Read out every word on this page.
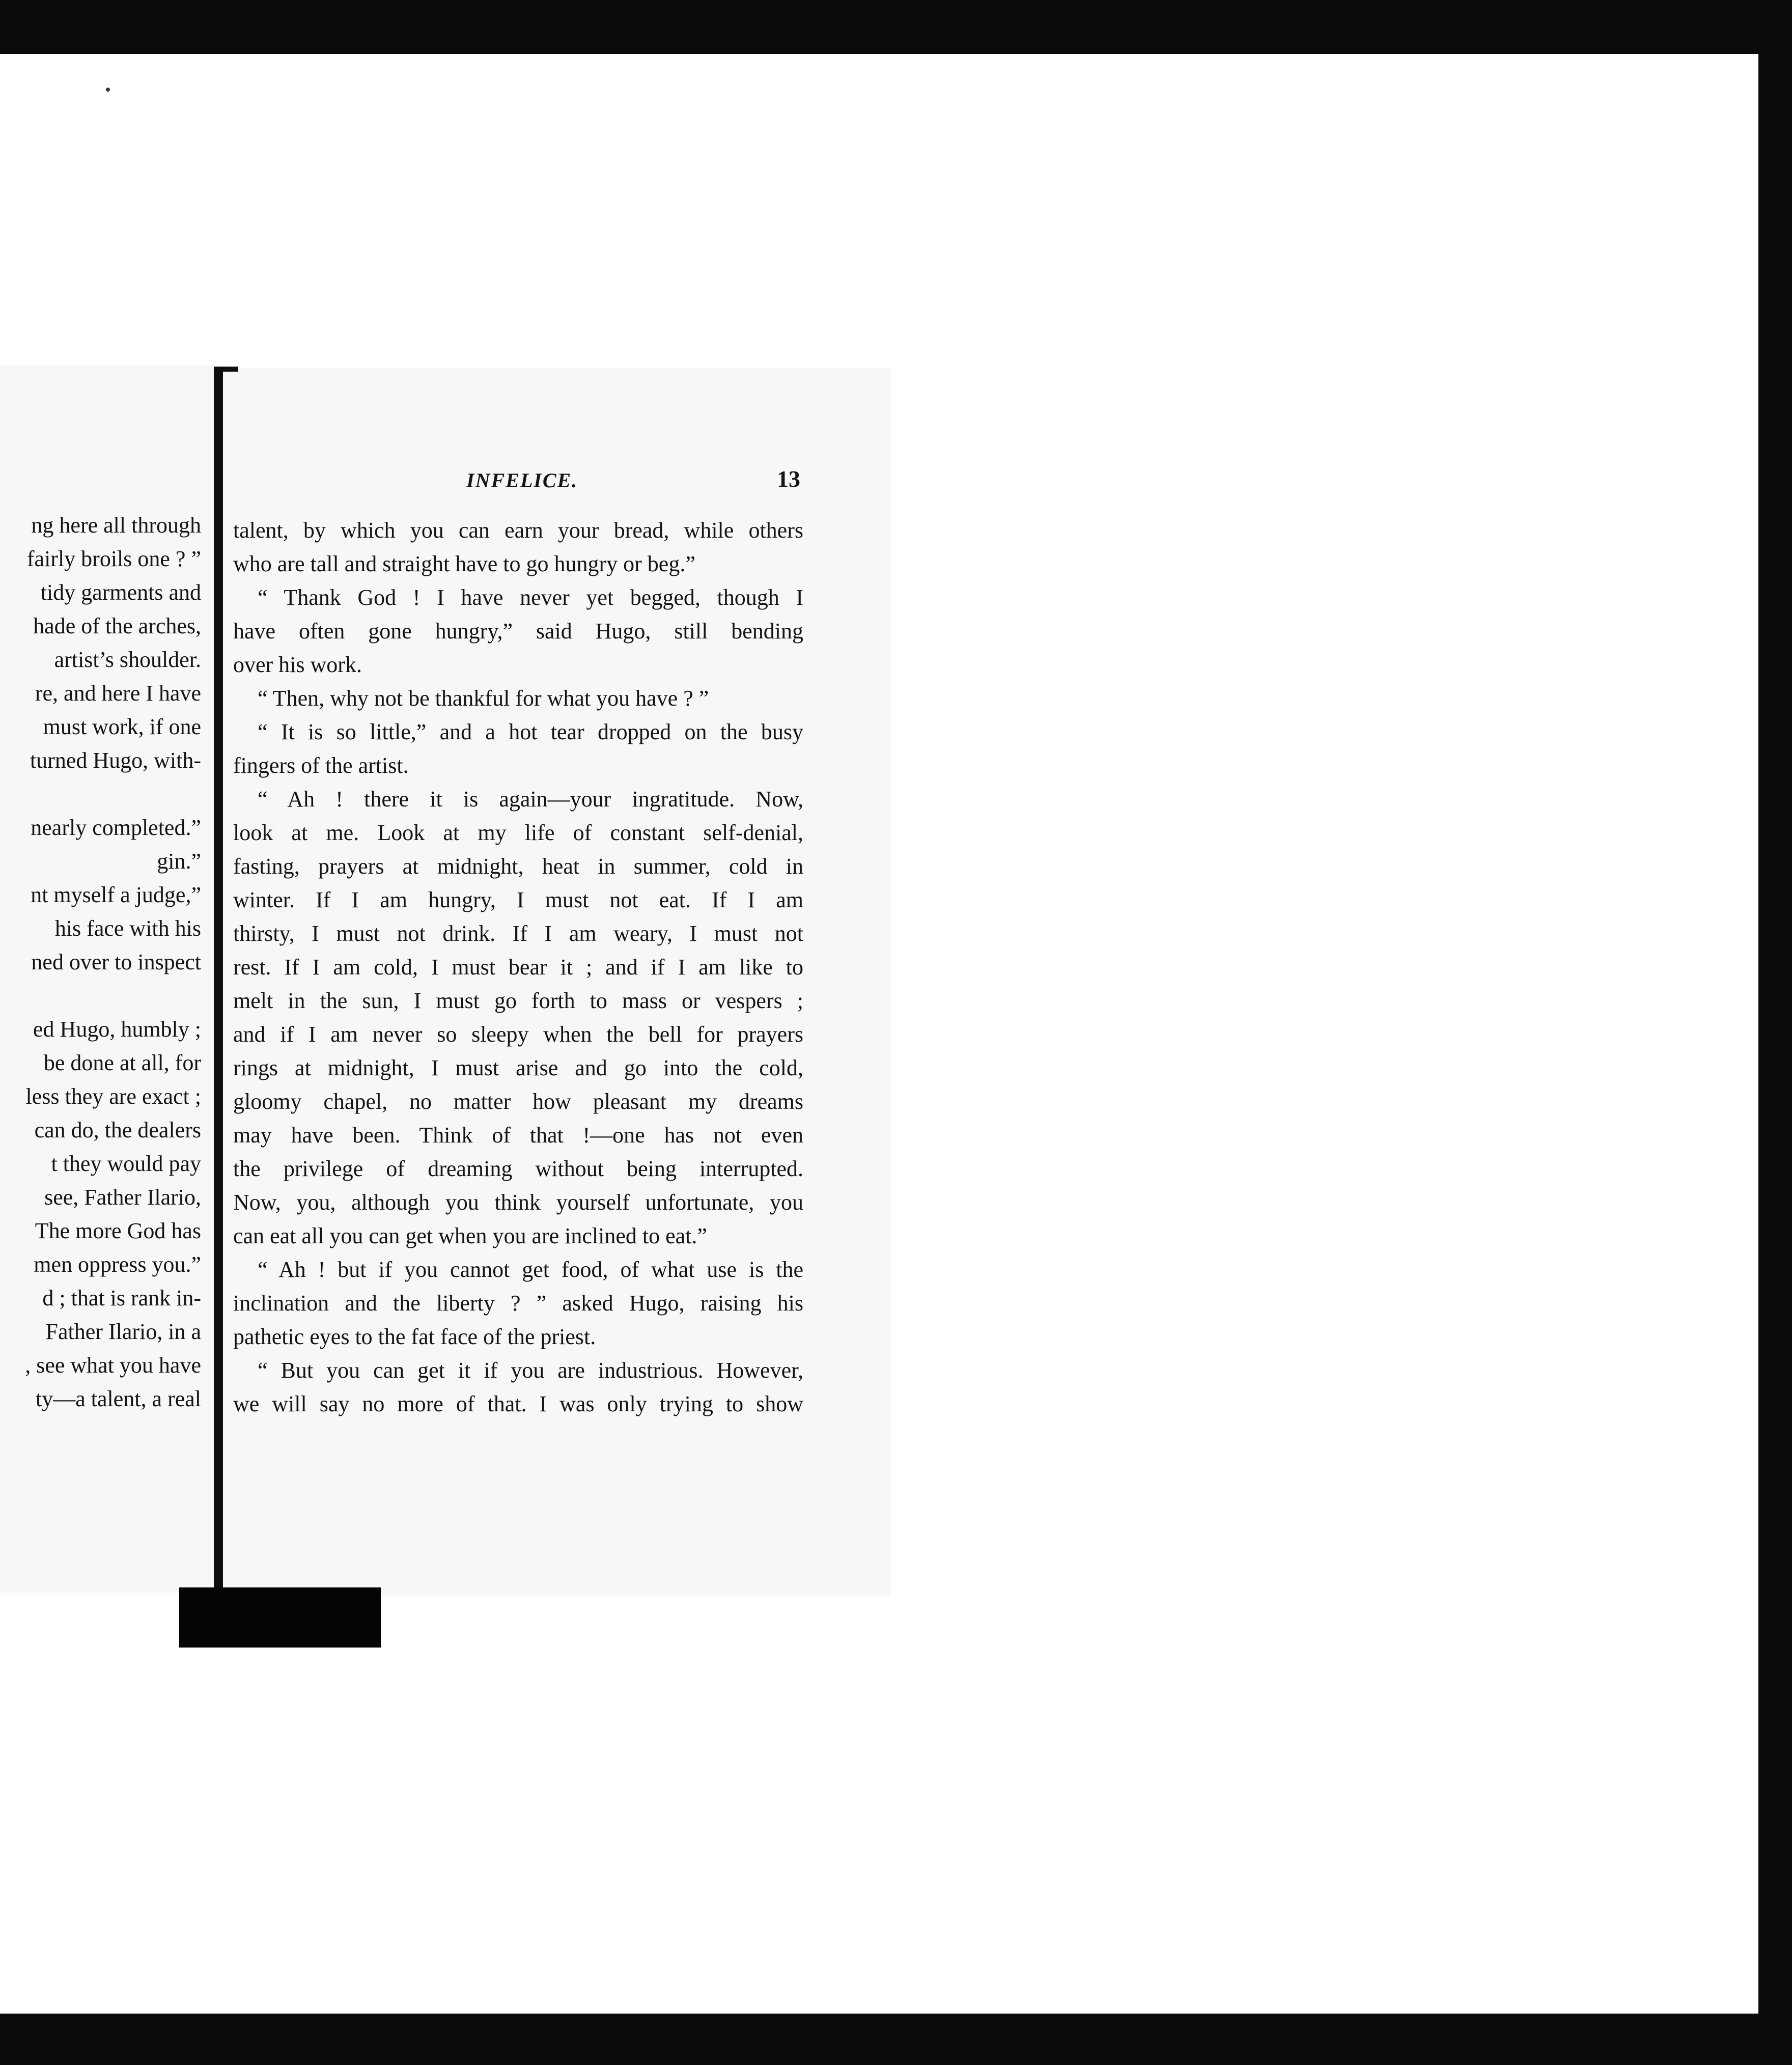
ng here all through
fairly broils one ? ”
tidy garments and
hade of the arches,
artist’s shoulder.
re, and here I have
must work, if one
turned Hugo, with-
nearly completed.”
gin.”
nt myself a judge,”
his face with his
ned over to inspect
ed Hugo, humbly ;
be done at all, for
less they are exact ;
can do, the dealers
t they would pay
see, Father Ilario,
The more God has
men oppress you.”
d ; that is rank in-
Father Ilario, in a
, see what you have
ty—a talent, a real
INFELICE.	13
talent, by which you can earn your bread, while others
who are tall and straight have to go hungry or beg.”
“ Thank God ! I have never yet begged, though I
have often gone hungry,” said Hugo, still bending
over his work.
“ Then, why not be thankful for what you have ? ”
“ It is so little,” and a hot tear dropped on the busy
fingers of the artist.
“ Ah ! there it is again—your ingratitude. Now,
look at me. Look at my life of constant self-denial,
fasting, prayers at midnight, heat in summer, cold in
winter. If I am hungry, I must not eat. If I am
thirsty, I must not drink. If I am weary, I must not
rest. If I am cold, I must bear it ; and if I am like to
melt in the sun, I must go forth to mass or vespers ;
and if I am never so sleepy when the bell for prayers
rings at midnight, I must arise and go into the cold,
gloomy chapel, no matter how pleasant my dreams
may have been. Think of that !—one has not even
the privilege of dreaming without being interrupted.
Now, you, although you think yourself unfortunate, you
can eat all you can get when you are inclined to eat.”
“ Ah ! but if you cannot get food, of what use is the
inclination and the liberty ? ” asked Hugo, raising his
pathetic eyes to the fat face of the priest.
“ But you can get it if you are industrious. However,
we will say no more of that. I was only trying to show
